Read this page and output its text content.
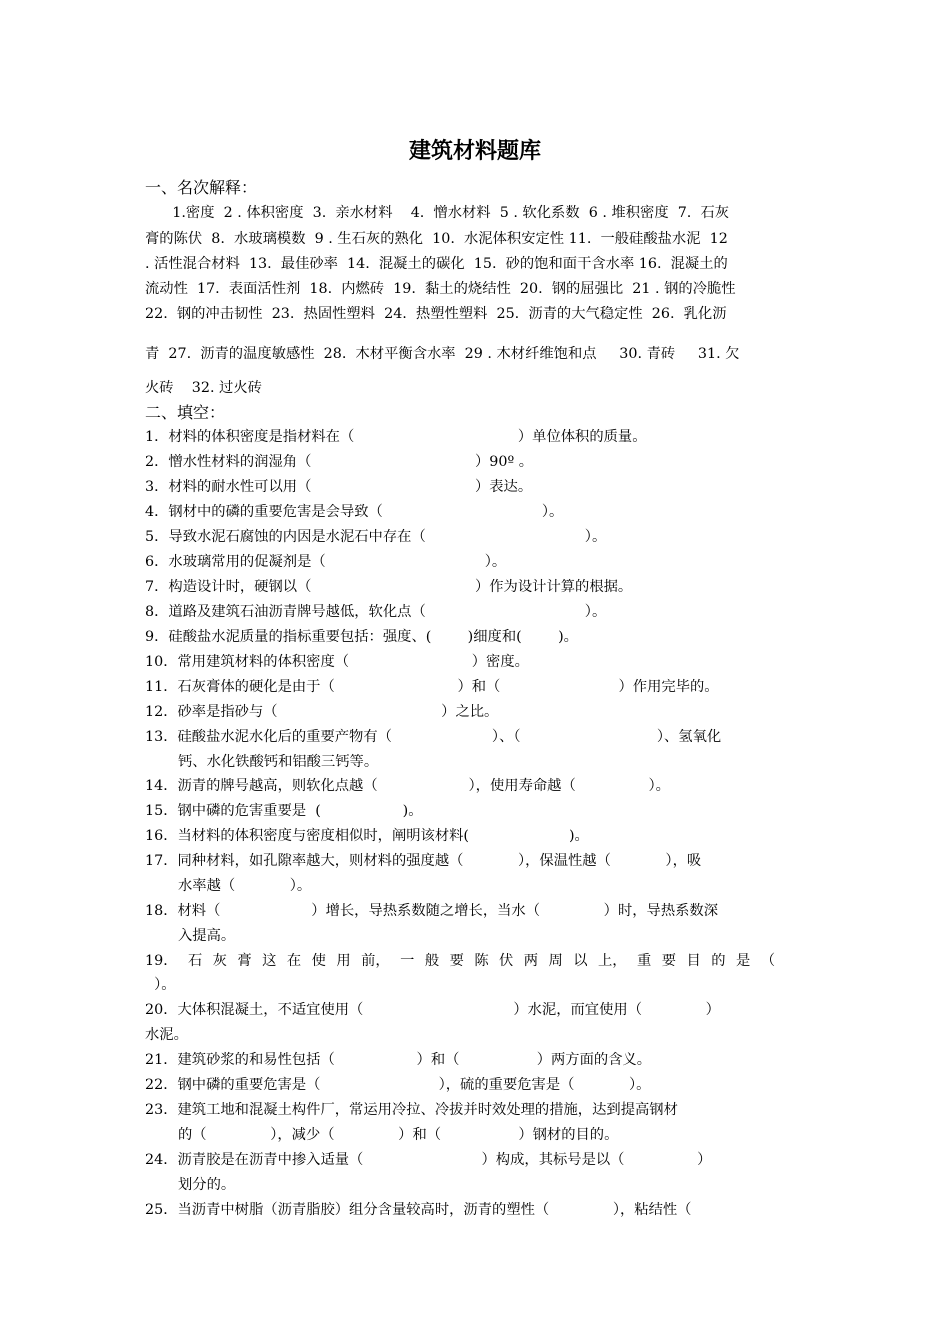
建筑材料题库
一、名次解释：
1.密度  2 . 体积密度  3.  亲水材料    4.  憎水材料  5 . 软化系数  6 . 堆积密度  7.  石灰
膏的陈伏  8.  水玻璃模数  9 . 生石灰的熟化  10.  水泥体积安定性 11.  一般硅酸盐水泥  12
. 活性混合材料  13.  最佳砂率  14.  混凝土的碳化  15.  砂的饱和面干含水率 16.  混凝土的
流动性  17.  表面活性剂  18.  内燃砖  19.  黏土的烧结性  20.  钢的屈强比  21 . 钢的冷脆性
22.  钢的冲击韧性  23.  热固性塑料  24.  热塑性塑料  25.  沥青的大气稳定性  26.  乳化沥
青  27.  沥青的温度敏感性  28.  木材平衡含水率  29 . 木材纤维饱和点     30. 青砖     31. 欠
火砖    32. 过火砖
二、填空：
1．材料的体积密度是指材料在（                                    ）单位体积的质量。
2．憎水性材料的润湿角（                                    ）90º 。
3．材料的耐水性可以用（                                    ）表达。
4．钢材中的磷的重要危害是会导致（                                   ）。
5．导致水泥石腐蚀的内因是水泥石中存在（                                   ）。
6．水玻璃常用的促凝剂是（                                   ）。
7．构造设计时，硬钢以（                                    ）作为设计计算的根据。
8．道路及建筑石油沥青牌号越低，软化点（                                   ）。
9．硅酸盐水泥质量的指标重要包括：强度、(        )细度和(        )。
10．常用建筑材料的体积密度（                           ）密度。
11．石灰膏体的硬化是由于（                           ）和（                          ）作用完毕的。
12．砂率是指砂与（                                    ）之比。
13．硅酸盐水泥水化后的重要产物有（                      ）、（                              ）、氢氧化
钙、水化铁酸钙和铝酸三钙等。
14．沥青的牌号越高，则软化点越（                    ），使用寿命越（                ）。
15．钢中磷的危害重要是  (                  )。
16．当材料的体积密度与密度相似时，阐明该材料(                      )。
17．同种材料，如孔隙率越大，则材料的强度越（            ），保温性越（            ），吸
水率越（            ）。
18．材料（                    ）增长，导热系数随之增长，当水（              ）时，导热系数深
入提高。
19． 石 灰 膏 这 在 使 用 前， 一 般 要 陈 伏 两 周 以 上， 重 要 目 的 是 （
）。
20．大体积混凝土，不适宜使用（                                 ）水泥，而宜使用（              ）
水泥。
21．建筑砂浆的和易性包括（                  ）和（                 ）两方面的含义。
22．钢中磷的重要危害是（                          ），硫的重要危害是（            ）。
23．建筑工地和混凝土构件厂，常运用冷拉、冷拔并时效处理的措施，达到提高钢材
的（              ），减少（              ）和（                 ）钢材的目的。
24．沥青胶是在沥青中掺入适量（                          ）构成，其标号是以（                ）
划分的。
25．当沥青中树脂（沥青脂胶）组分含量较高时，沥青的塑性（              ），粘结性（
